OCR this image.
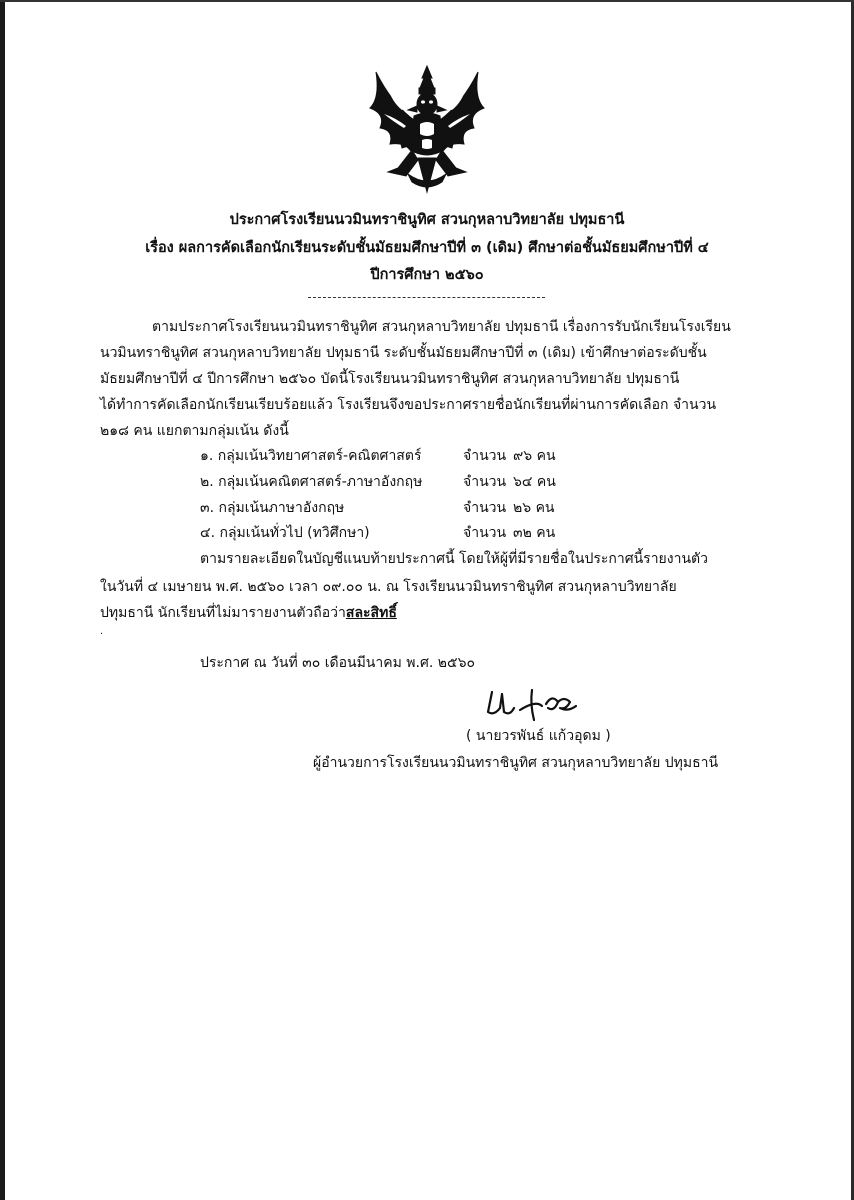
ประกาศโรงเรียนนวมินทราชินูทิศ สวนกุหลาบวิทยาลัย ปทุมธานี
เรื่อง ผลการคัดเลือกนักเรียนระดับชั้นมัธยมศึกษาปีที่ ๓ (เดิม) ศึกษาต่อชั้นมัธยมศึกษาปีที่ ๔
ปีการศึกษา ๒๕๖๐
ตามประกาศโรงเรียนนวมินทราชินูทิศ สวนกุหลาบวิทยาลัย ปทุมธานี เรื่องการรับนักเรียนโรงเรียน
นวมินทราชินูทิศ สวนกุหลาบวิทยาลัย ปทุมธานี ระดับชั้นมัธยมศึกษาปีที่ ๓ (เดิม) เข้าศึกษาต่อระดับชั้น
มัธยมศึกษาปีที่ ๔ ปีการศึกษา ๒๕๖๐ บัดนี้โรงเรียนนวมินทราชินูทิศ สวนกุหลาบวิทยาลัย ปทุมธานี
ได้ทำการคัดเลือกนักเรียนเรียบร้อยแล้ว โรงเรียนจึงขอประกาศรายชื่อนักเรียนที่ผ่านการคัดเลือก จำนวน
๒๑๘ คน แยกตามกลุ่มเน้น ดังนี้
๑. กลุ่มเน้นวิทยาศาสตร์-คณิตศาสตร์	จำนวน ๙๖ คน
๒. กลุ่มเน้นคณิตศาสตร์-ภาษาอังกฤษ	จำนวน ๖๔ คน
๓. กลุ่มเน้นภาษาอังกฤษ	จำนวน ๒๖ คน
๔. กลุ่มเน้นทั่วไป (ทวิศึกษา)	จำนวน ๓๒ คน
ตามรายละเอียดในบัญชีแนบท้ายประกาศนี้ โดยให้ผู้ที่มีรายชื่อในประกาศนี้รายงานตัว
ในวันที่ ๔ เมษายน พ.ศ. ๒๕๖๐ เวลา ๐๙.๐๐ น. ณ โรงเรียนนวมินทราชินูทิศ สวนกุหลาบวิทยาลัย
ปทุมธานี นักเรียนที่ไม่มารายงานตัวถือว่าสละสิทธิ์
.
ประกาศ ณ วันที่ ๓๐ เดือนมีนาคม พ.ศ. ๒๕๖๐
( นายวรพันธ์ แก้วอุดม )
ผู้อำนวยการโรงเรียนนวมินทราชินูทิศ สวนกุหลาบวิทยาลัย ปทุมธานี
